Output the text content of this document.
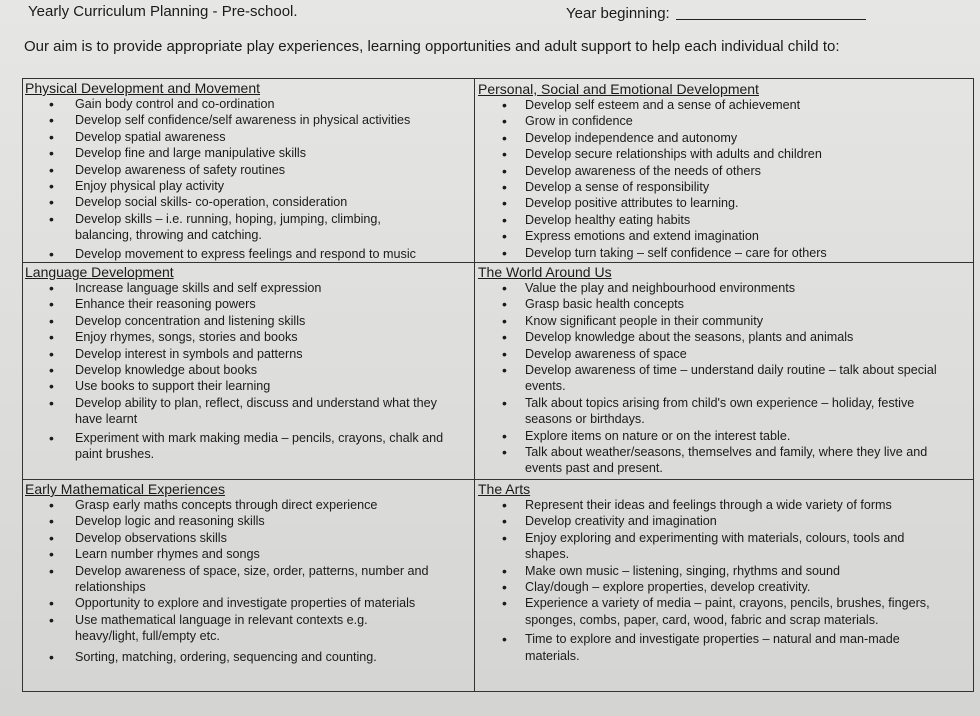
Yearly Curriculum Planning - Pre-school.	Year beginning:
Our aim is to provide appropriate play experiences, learning opportunities and adult support to help each individual child to:
Physical Development and Movement
• Gain body control and co-ordination
• Develop self confidence/self awareness in physical activities
• Develop spatial awareness
• Develop fine and large manipulative skills
• Develop awareness of safety routines
• Enjoy physical play activity
• Develop social skills- co-operation, consideration
• Develop skills – i.e. running, hoping, jumping, climbing, balancing, throwing and catching.
• Develop movement to express feelings and respond to music
Personal, Social and Emotional Development
• Develop self esteem and a sense of achievement
• Grow in confidence
• Develop independence and autonomy
• Develop secure relationships with adults and children
• Develop awareness of the needs of others
• Develop a sense of responsibility
• Develop positive attributes to learning.
• Develop healthy eating habits
• Express emotions and extend imagination
• Develop turn taking – self confidence – care for others
Language Development
• Increase language skills and self expression
• Enhance their reasoning powers
• Develop concentration and listening skills
• Enjoy rhymes, songs, stories and books
• Develop interest in symbols and patterns
• Develop knowledge about books
• Use books to support their learning
• Develop ability to plan, reflect, discuss and understand what they have learnt
• Experiment with mark making media – pencils, crayons, chalk and paint brushes.
The World Around Us
• Value the play and neighbourhood environments
• Grasp basic health concepts
• Know significant people in their community
• Develop knowledge about the seasons, plants and animals
• Develop awareness of space
• Develop awareness of time – understand daily routine – talk about special events.
• Talk about topics arising from child's own experience – holiday, festive seasons or birthdays.
• Explore items on nature or on the interest table.
• Talk about weather/seasons, themselves and family, where they live and events past and present.
Early Mathematical Experiences
• Grasp early maths concepts through direct experience
• Develop logic and reasoning skills
• Develop observations skills
• Learn number rhymes and songs
• Develop awareness of space, size, order, patterns, number and relationships
• Opportunity to explore and investigate properties of materials
• Use mathematical language in relevant contexts e.g. heavy/light, full/empty etc.
• Sorting, matching, ordering, sequencing and counting.
The Arts
• Represent their ideas and feelings through a wide variety of forms
• Develop creativity and imagination
• Enjoy exploring and experimenting with materials, colours, tools and shapes.
• Make own music – listening, singing, rhythms and sound
• Clay/dough – explore properties, develop creativity.
• Experience a variety of media – paint, crayons, pencils, brushes, fingers, sponges, combs, paper, card, wood, fabric and scrap materials.
• Time to explore and investigate properties – natural and man-made materials.
